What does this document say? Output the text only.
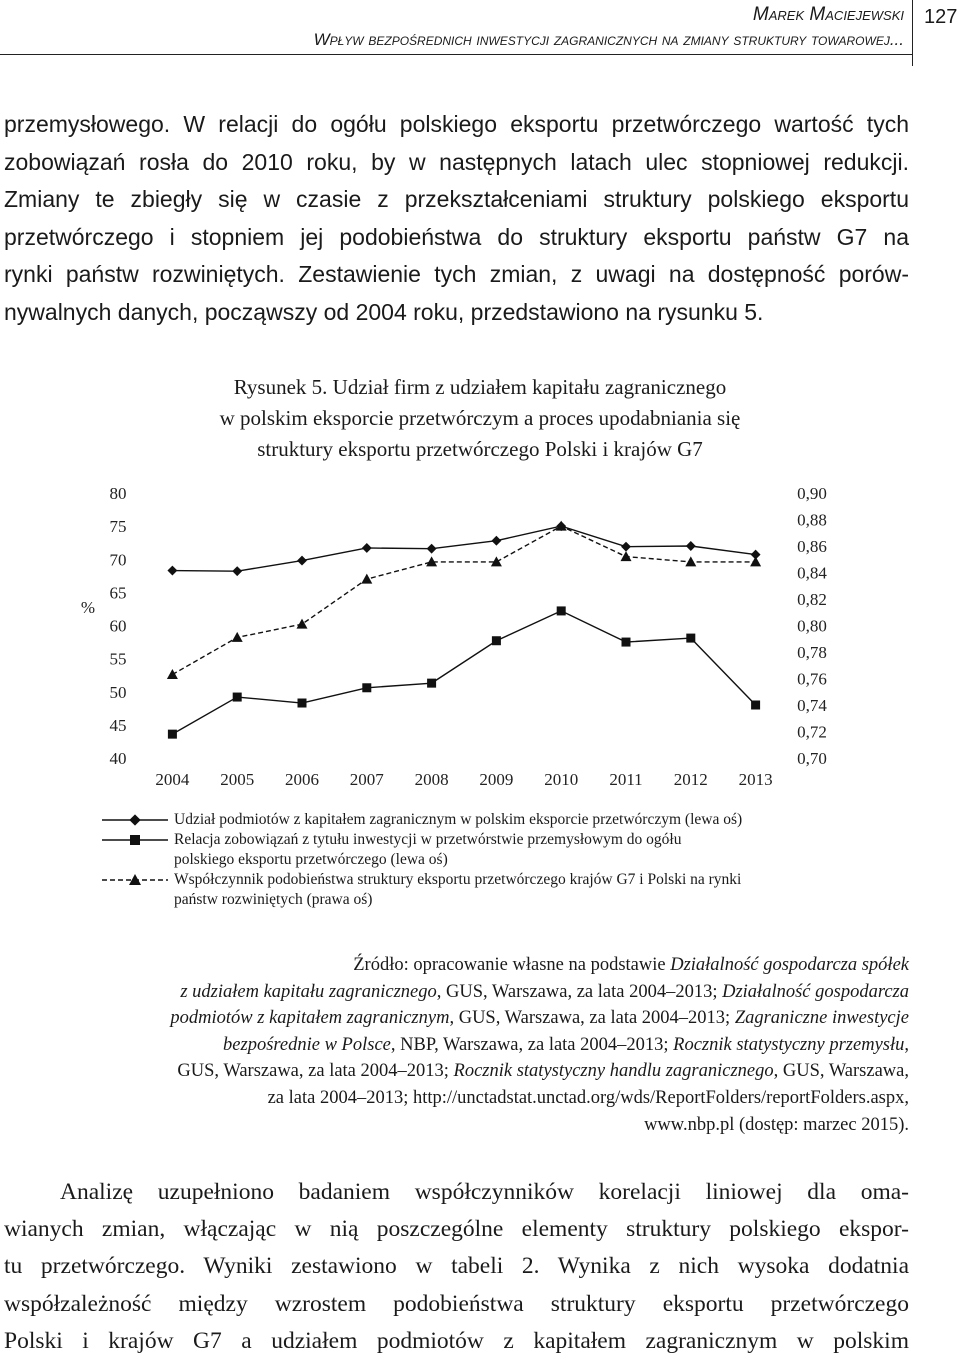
Marek Maciejewski
Wpływ bezpośrednich inwestycji zagranicznych na zmiany struktury towarowej...
127
przemysłowego. W relacji do ogółu polskiego eksportu przetwórczego wartość tych
zobowiązań rosła do 2010 roku, by w następnych latach ulec stopniowej redukcji.
Zmiany te zbiegły się w czasie z przekształceniami struktury polskiego eksportu
przetwórczego i stopniem jej podobieństwa do struktury eksportu państw G7 na
rynki państw rozwiniętych. Zestawienie tych zmian, z uwagi na dostępność porów-
nywalnych danych, począwszy od 2004 roku, przedstawiono na rysunku 5.
Rysunek 5. Udział firm z udziałem kapitału zagranicznego
w polskim eksporcie przetwórczym a proces upodabniania się
struktury eksportu przetwórczego Polski i krajów G7
80
75
70
65
60
55
50
45
40
0,90
0,88
0,86
0,84
0,82
0,80
0,78
0,76
0,74
0,72
0,70
%
2004 2005 2006 2007 2008 2009 2010 2011 2012 2013
Udział podmiotów z kapitałem zagranicznym w polskim eksporcie przetwórczym (lewa oś)
Relacja zobowiązań z tytułu inwestycji w przetwórstwie przemysłowym do ogółu
polskiego eksportu przetwórczego (lewa oś)
Współczynnik podobieństwa struktury eksportu przetwórczego krajów G7 i Polski na rynki
państw rozwiniętych (prawa oś)
Źródło: opracowanie własne na podstawie Działalność gospodarcza spółek
z udziałem kapitału zagranicznego, GUS, Warszawa, za lata 2004–2013; Działalność gospodarcza
podmiotów z kapitałem zagranicznym, GUS, Warszawa, za lata 2004–2013; Zagraniczne inwestycje
bezpośrednie w Polsce, NBP, Warszawa, za lata 2004–2013; Rocznik statystyczny przemysłu,
GUS, Warszawa, za lata 2004–2013; Rocznik statystyczny handlu zagranicznego, GUS, Warszawa,
za lata 2004–2013; http://unctadstat.unctad.org/wds/ReportFolders/reportFolders.aspx,
www.nbp.pl (dostęp: marzec 2015).
Analizę uzupełniono badaniem współczynników korelacji liniowej dla oma-
wianych zmian, włączając w nią poszczególne elementy struktury polskiego ekspor-
tu przetwórczego. Wyniki zestawiono w tabeli 2. Wynika z nich wysoka dodatnia
współzależność między wzrostem podobieństwa struktury eksportu przetwórczego
Polski i krajów G7 a udziałem podmiotów z kapitałem zagranicznym w polskim
